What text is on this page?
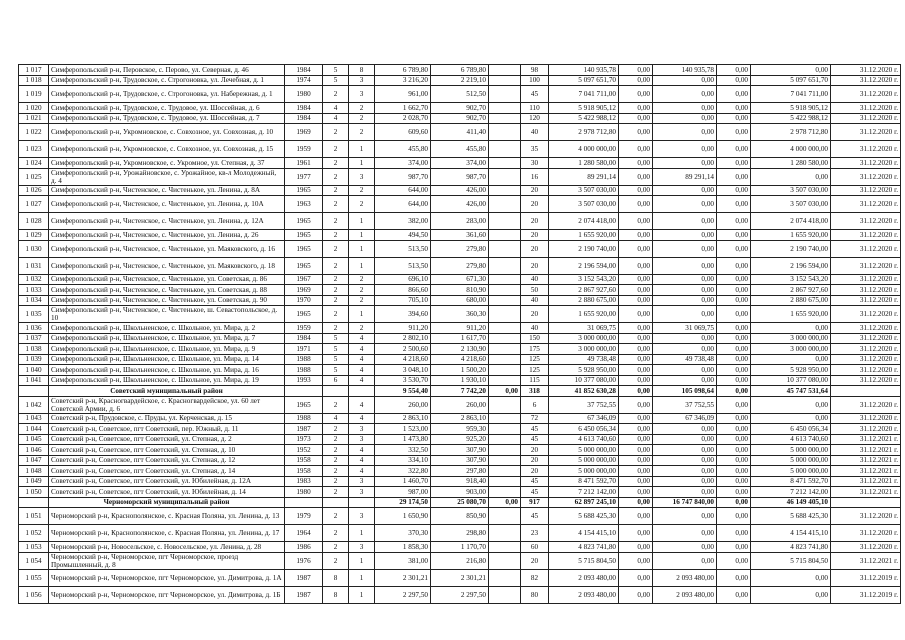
1 017	Симферопольский р-н, Перовское, с. Перово, ул. Северная, д. 46	1984	5	8	6 789,80	6 789,80		98	140 935,78	0,00	140 935,78	0,00	0,00	31.12.2020 г.
1 018	Симферопольский р-н, Трудовское, с. Строгоновка, ул. Лечебная, д. 1	1974	5	3	3 216,20	2 219,10		100	5 097 651,70	0,00	0,00	0,00	5 097 651,70	31.12.2020 г.
1 019	Симферопольский р-н, Трудовское, с. Строгоновка, ул. Набережная, д. 1	1980	2	3	961,00	512,50		45	7 041 711,00	0,00	0,00	0,00	7 041 711,00	31.12.2020 г.
1 020	Симферопольский р-н, Трудовское, с. Трудовое, ул. Шоссейная, д. 6	1984	4	2	1 662,70	902,70		110	5 918 905,12	0,00	0,00	0,00	5 918 905,12	31.12.2020 г.
1 021	Симферопольский р-н, Трудовское, с. Трудовое, ул. Шоссейная, д. 7	1984	4	2	2 028,70	902,70		120	5 422 988,12	0,00	0,00	0,00	5 422 988,12	31.12.2020 г.
1 022	Симферопольский р-н, Укромновское, с. Совхозное, ул. Совхозная, д. 10	1969	2	2	609,60	411,40		40	2 978 712,80	0,00	0,00	0,00	2 978 712,80	31.12.2020 г.
1 023	Симферопольский р-н, Укромновское, с. Совхозное, ул. Совхозная, д. 15	1959	2	1	455,80	455,80		35	4 000 000,00	0,00	0,00	0,00	4 000 000,00	31.12.2020 г.
1 024	Симферопольский р-н, Укромновское, с. Укромное, ул. Степная, д. 37	1961	2	1	374,00	374,00		30	1 280 580,00	0,00	0,00	0,00	1 280 580,00	31.12.2020 г.
1 025	Симферопольский р-н, Урожайновское, с. Урожайное, кв-л Молодежный, д. 4	1977	2	3	987,70	987,70		16	89 291,14	0,00	89 291,14	0,00	0,00	31.12.2020 г.
1 026	Симферопольский р-н, Чистенское, с. Чистенькое, ул. Ленина, д. 8А	1965	2	2	644,00	426,00		20	3 507 030,00	0,00	0,00	0,00	3 507 030,00	31.12.2020 г.
1 027	Симферопольский р-н, Чистенское, с. Чистенькое, ул. Ленина, д. 10А	1963	2	2	644,00	426,00		20	3 507 030,00	0,00	0,00	0,00	3 507 030,00	31.12.2020 г.
1 028	Симферопольский р-н, Чистенское, с. Чистенькое, ул. Ленина, д. 12А	1965	2	1	382,00	283,00		20	2 074 418,00	0,00	0,00	0,00	2 074 418,00	31.12.2020 г.
1 029	Симферопольский р-н, Чистенское, с. Чистенькое, ул. Ленина, д. 26	1965	2	1	494,50	361,60		20	1 655 920,00	0,00	0,00	0,00	1 655 920,00	31.12.2020 г.
1 030	Симферопольский р-н, Чистенское, с. Чистенькое, ул. Маяковского, д. 16	1965	2	1	513,50	279,80		20	2 190 740,00	0,00	0,00	0,00	2 190 740,00	31.12.2020 г.
1 031	Симферопольский р-н, Чистенское, с. Чистенькое, ул. Маяковского, д. 18	1965	2	1	513,50	279,80		20	2 196 594,00	0,00	0,00	0,00	2 196 594,00	31.12.2020 г.
1 032	Симферопольский р-н, Чистенское, с. Чистенькое, ул. Советская, д. 86	1967	2	2	696,10	671,30		40	3 152 543,20	0,00	0,00	0,00	3 152 543,20	31.12.2020 г.
1 033	Симферопольский р-н, Чистенское, с. Чистенькое, ул. Советская, д. 88	1969	2	2	866,60	810,90		50	2 867 927,60	0,00	0,00	0,00	2 867 927,60	31.12.2020 г.
1 034	Симферопольский р-н, Чистенское, с. Чистенькое, ул. Советская, д. 90	1970	2	2	705,10	680,00		40	2 880 675,00	0,00	0,00	0,00	2 880 675,00	31.12.2020 г.
1 035	Симферопольский р-н, Чистенское, с. Чистенькое, ш. Севастопольское, д. 10	1965	2	1	394,60	360,30		20	1 655 920,00	0,00	0,00	0,00	1 655 920,00	31.12.2020 г.
1 036	Симферопольский р-н, Школьненское, с. Школьное, ул. Мира, д. 2	1959	2	2	911,20	911,20		40	31 069,75	0,00	31 069,75	0,00	0,00	31.12.2020 г.
1 037	Симферопольский р-н, Школьненское, с. Школьное, ул. Мира, д. 7	1984	5	4	2 802,10	1 617,70		150	3 000 000,00	0,00	0,00	0,00	3 000 000,00	31.12.2020 г.
1 038	Симферопольский р-н, Школьненское, с. Школьное, ул. Мира, д. 9	1971	5	4	2 500,60	2 130,90		175	3 000 000,00	0,00	0,00	0,00	3 000 000,00	31.12.2020 г.
1 039	Симферопольский р-н, Школьненское, с. Школьное, ул. Мира, д. 14	1988	5	4	4 218,60	4 218,60		125	49 738,48	0,00	49 738,48	0,00	0,00	31.12.2020 г.
1 040	Симферопольский р-н, Школьненское, с. Школьное, ул. Мира, д. 16	1988	5	4	3 048,10	1 500,20		125	5 928 950,00	0,00	0,00	0,00	5 928 950,00	31.12.2020 г.
1 041	Симферопольский р-н, Школьненское, с. Школьное, ул. Мира, д. 19	1993	6	4	3 530,70	1 930,10		115	10 377 080,00	0,00	0,00	0,00	10 377 080,00	31.12.2020 г.
	Советский муниципальный район				9 554,40	7 742,20	0,00	318	41 852 630,28	0,00	105 098,64	0,00	45 747 531,64	
1 042	Советский р-н, Красногвардейское, с. Красногвардейское, ул. 60 лет Советской Армии, д. 6	1965	2	4	260,00	260,00		6	37 752,55	0,00	37 752,55	0,00	0,00	31.12.2020 г.
1 043	Советский р-н, Прудовское, с. Пруды, ул. Керченская, д. 15	1988	4	4	2 863,10	2 863,10		72	67 346,09	0,00	67 346,09	0,00	0,00	31.12.2020 г.
1 044	Советский р-н, Советское, пгт Советский, пер. Южный, д. 11	1987	2	3	1 523,00	959,30		45	6 450 056,34	0,00	0,00	0,00	6 450 056,34	31.12.2020 г.
1 045	Советский р-н, Советское, пгт Советский, ул. Степная, д. 2	1973	2	3	1 473,80	925,20		45	4 613 740,60	0,00	0,00	0,00	4 613 740,60	31.12.2021 г.
1 046	Советский р-н, Советское, пгт Советский, ул. Степная, д. 10	1952	2	4	332,50	307,90		20	5 000 000,00	0,00	0,00	0,00	5 000 000,00	31.12.2021 г.
1 047	Советский р-н, Советское, пгт Советский, ул. Степная, д. 12	1958	2	4	334,10	307,90		20	5 000 000,00	0,00	0,00	0,00	5 000 000,00	31.12.2021 г.
1 048	Советский р-н, Советское, пгт Советский, ул. Степная, д. 14	1958	2	4	322,80	297,80		20	5 000 000,00	0,00	0,00	0,00	5 000 000,00	31.12.2021 г.
1 049	Советский р-н, Советское, пгт Советский, ул. Юбилейная, д. 12А	1983	2	3	1 460,70	918,40		45	8 471 592,70	0,00	0,00	0,00	8 471 592,70	31.12.2021 г.
1 050	Советский р-н, Советское, пгт Советский, ул. Юбилейная, д. 14	1980	2	3	987,00	903,00		45	7 212 142,00	0,00	0,00	0,00	7 212 142,00	31.12.2021 г.
	Черноморский муниципальный район				29 174,50	25 080,70	0,00	917	62 897 245,10	0,00	16 747 840,00	0,00	46 149 405,10	
1 051	Черноморский р-н, Краснополянское, с. Красная Поляна, ул. Ленина, д. 13	1979	2	3	1 650,90	850,90		45	5 688 425,30	0,00	0,00	0,00	5 688 425,30	31.12.2020 г.
1 052	Черноморский р-н, Краснополянское, с. Красная Поляна, ул. Ленина, д. 17	1964	2	1	370,30	298,80		23	4 154 415,10	0,00	0,00	0,00	4 154 415,10	31.12.2020 г.
1 053	Черноморский р-н, Новосельское, с. Новосельское, ул. Ленина, д. 28	1986	2	3	1 858,30	1 170,70		60	4 823 741,80	0,00	0,00	0,00	4 823 741,80	31.12.2020 г.
1 054	Черноморский р-н, Черноморское, пгт Черноморское, проезд Промышленный, д. 8	1976	2	1	381,00	216,80		20	5 715 804,50	0,00	0,00	0,00	5 715 804,50	31.12.2021 г.
1 055	Черноморский р-н, Черноморское, пгт Черноморское, ул. Димитрова, д. 1А	1987	8	1	2 301,21	2 301,21		82	2 093 480,00	0,00	2 093 480,00	0,00	0,00	31.12.2019 г.
1 056	Черноморский р-н, Черноморское, пгт Черноморское, ул. Димитрова, д. 1Б	1987	8	1	2 297,50	2 297,50		80	2 093 480,00	0,00	2 093 480,00	0,00	0,00	31.12.2019 г.
